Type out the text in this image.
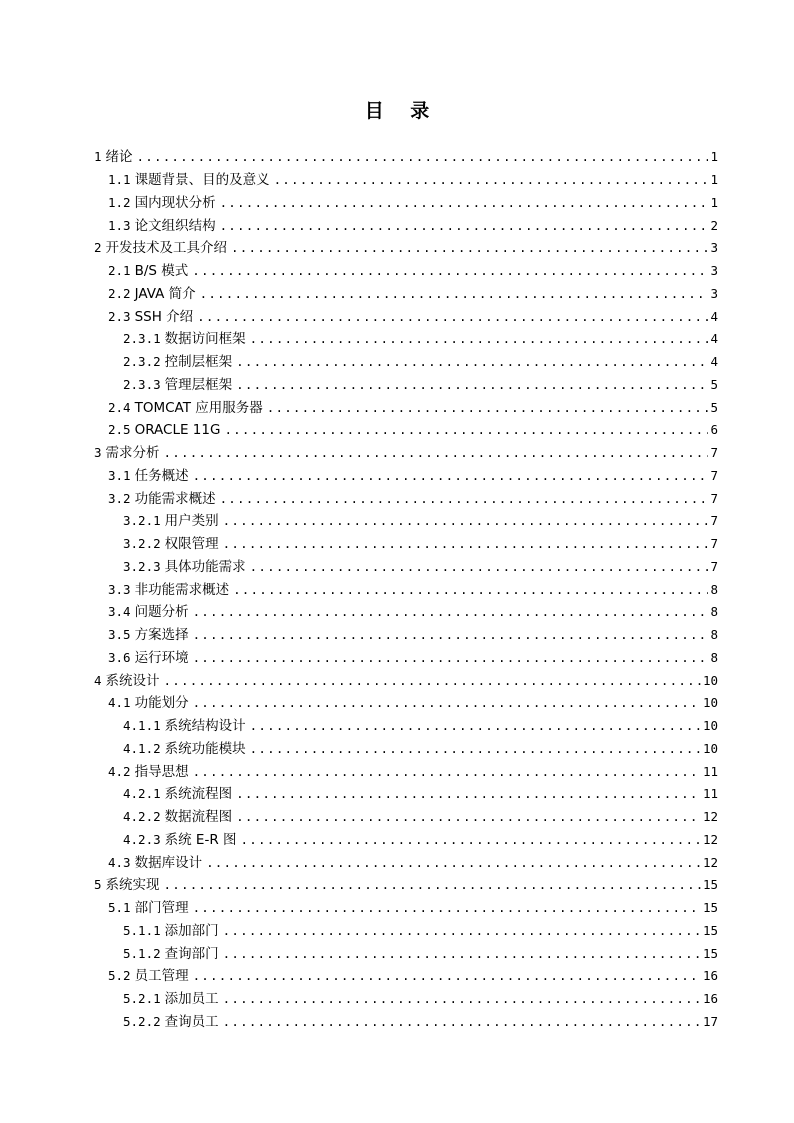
目 录
1 绪论 .....	1
1.1 课题背景、目的及意义 .....	1
1.2 国内现状分析 .....	1
1.3 论文组织结构 .....	2
2 开发技术及工具介绍 .....	3
2.1 B/S 模式 .....	3
2.2 JAVA 简介 .....	3
2.3 SSH 介绍 .....	4
2.3.1 数据访问框架 .....	4
2.3.2 控制层框架 .....	4
2.3.3 管理层框架 .....	5
2.4 TOMCAT 应用服务器 .....	5
2.5 ORACLE 11G .....	6
3 需求分析 .....	7
3.1 任务概述 .....	7
3.2 功能需求概述 .....	7
3.2.1 用户类别 .....	7
3.2.2 权限管理 .....	7
3.2.3 具体功能需求 .....	7
3.3 非功能需求概述 .....	8
3.4 问题分析 .....	8
3.5 方案选择 .....	8
3.6 运行环境 .....	8
4 系统设计 .....	10
4.1 功能划分 .....	10
4.1.1 系统结构设计 .....	10
4.1.2 系统功能模块 .....	10
4.2 指导思想 .....	11
4.2.1 系统流程图 .....	11
4.2.2 数据流程图 .....	12
4.2.3 系统 E-R 图 .....	12
4.3 数据库设计 .....	12
5 系统实现 .....	15
5.1 部门管理 .....	15
5.1.1 添加部门 .....	15
5.1.2 查询部门 .....	15
5.2 员工管理 .....	16
5.2.1 添加员工 .....	16
5.2.2 查询员工 .....	17
